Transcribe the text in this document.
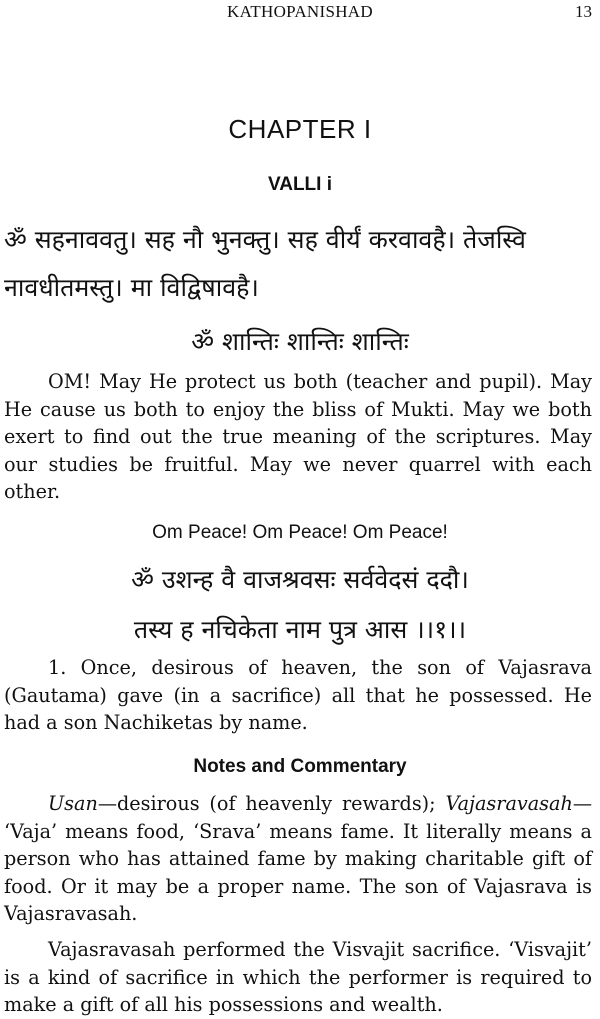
KATHOPANISHAD	13
CHAPTER I
VALLI i
ॐ सहनाववतु। सह नौ भुनक्तु। सह वीर्यं करवावहै। तेजस्वि
नावधीतमस्तु। मा विद्विषावहै।
ॐ शान्तिः शान्तिः शान्तिः

OM! May He protect us both (teacher and pupil). May He cause us both to enjoy the bliss of Mukti. May we both exert to find out the true meaning of the scriptures. May our studies be fruitful. May we never quarrel with each other.

Om Peace! Om Peace! Om Peace!
ॐ उशन्ह वै वाजश्रवसः सर्ववेदसं ददौ।
तस्य ह नचिकेता नाम पुत्र आस ।।१।।

1. Once, desirous of heaven, the son of Vajasrava (Gautama) gave (in a sacrifice) all that he possessed. He had a son Nachiketas by name.

Notes and Commentary

Usan—desirous (of heavenly rewards); Vajasravasah— ‘Vaja’ means food, ‘Srava’ means fame. It literally means a person who has attained fame by making charitable gift of food. Or it may be a proper name. The son of Vajasrava is Vajasravasah.

Vajasravasah performed the Visvajit sacrifice. ‘Visvajit’ is a kind of sacrifice in which the performer is required to make a gift of all his possessions and wealth.
